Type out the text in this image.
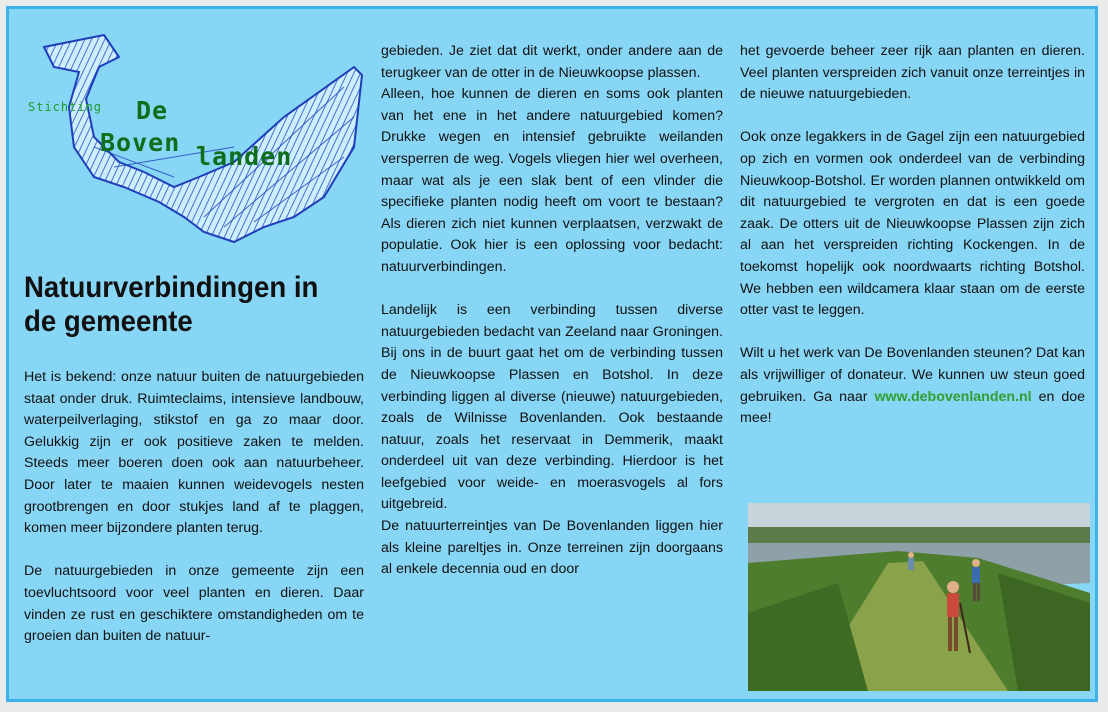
Stichting De
Boven landen
Natuurverbindingen in
de gemeente

Het is bekend: onze natuur buiten de natuurgebieden staat onder druk. Ruimteclaims, intensieve landbouw, waterpeilverlaging, stikstof en ga zo maar door. Gelukkig zijn er ook positieve zaken te melden. Steeds meer boeren doen ook aan natuurbeheer. Door later te maaien kunnen weidevogels nesten grootbrengen en door stukjes land af te plaggen, komen meer bijzondere planten terug.

De natuurgebieden in onze gemeente zijn een toevluchtsoord voor veel planten en dieren. Daar vinden ze rust en geschiktere omstandigheden om te groeien dan buiten de natuur-

gebieden. Je ziet dat dit werkt, onder andere aan de terugkeer van de otter in de Nieuwkoopse plassen.

Alleen, hoe kunnen de dieren en soms ook planten van het ene in het andere natuurgebied komen? Drukke wegen en intensief gebruikte weilanden versperren de weg. Vogels vliegen hier wel overheen, maar wat als je een slak bent of een vlinder die specifieke planten nodig heeft om voort te bestaan? Als dieren zich niet kunnen verplaatsen, verzwakt de populatie. Ook hier is een oplossing voor bedacht: natuurverbindingen.

Landelijk is een verbinding tussen diverse natuurgebieden bedacht van Zeeland naar Groningen. Bij ons in de buurt gaat het om de verbinding tussen de Nieuwkoopse Plassen en Botshol. In deze verbinding liggen al diverse (nieuwe) natuurgebieden, zoals de Wilnisse Bovenlanden. Ook bestaande natuur, zoals het reservaat in Demmerik, maakt onderdeel uit van deze verbinding. Hierdoor is het leefgebied voor weide- en moerasvogels al fors uitgebreid.

De natuurterreintjes van De Bovenlanden liggen hier als kleine pareltjes in. Onze terreinen zijn doorgaans al enkele decennia oud en door

het gevoerde beheer zeer rijk aan planten en dieren. Veel planten verspreiden zich vanuit onze terreintjes in de nieuwe natuurgebieden.

Ook onze legakkers in de Gagel zijn een natuurgebied op zich en vormen ook onderdeel van de verbinding Nieuwkoop-Botshol. Er worden plannen ontwikkeld om dit natuurgebied te vergroten en dat is een goede zaak. De otters uit de Nieuwkoopse Plassen zijn zich al aan het verspreiden richting Kockengen. In de toekomst hopelijk ook noordwaarts richting Botshol. We hebben een wildcamera klaar staan om de eerste otter vast te leggen.

Wilt u het werk van De Bovenlanden steunen? Dat kan als vrijwilliger of donateur. We kunnen uw steun goed gebruiken. Ga naar www.debovenlanden.nl en doe mee!
